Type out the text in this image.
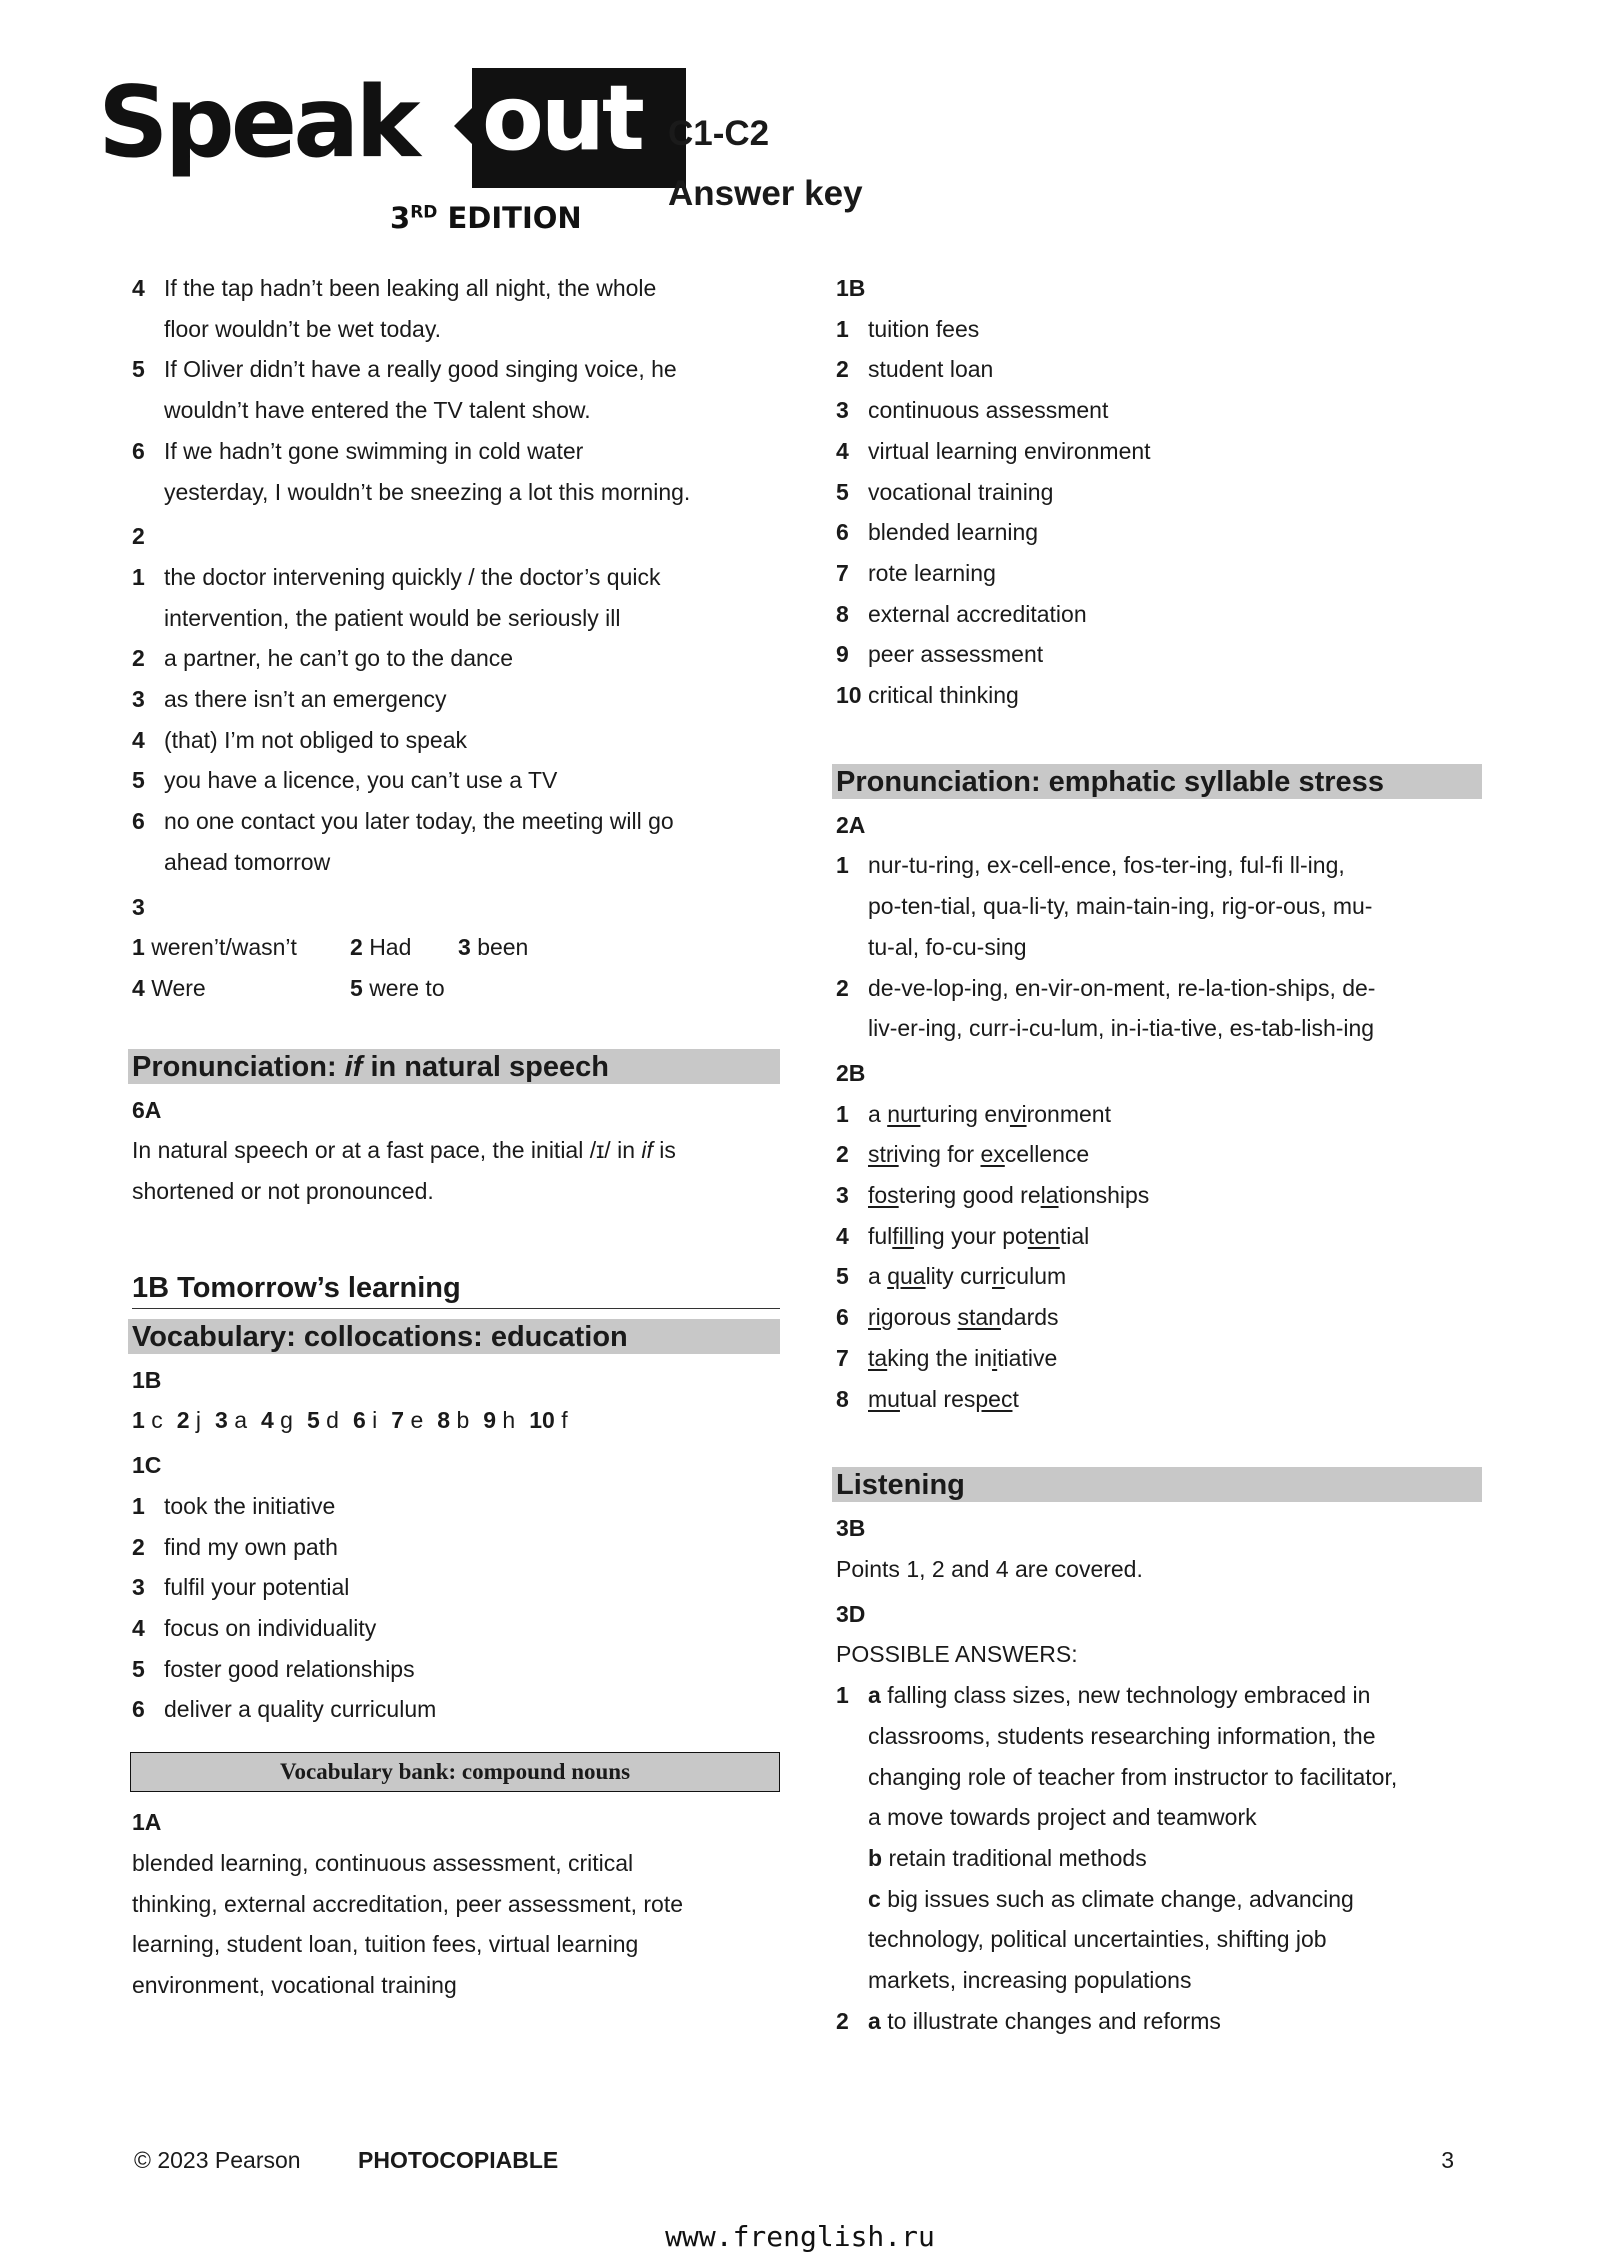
Speak out
3RD EDITION
C1-C2
Answer key
4 If the tap hadn’t been leaking all night, the whole floor wouldn’t be wet today.
5 If Oliver didn’t have a really good singing voice, he wouldn’t have entered the TV talent show.
6 If we hadn’t gone swimming in cold water yesterday, I wouldn’t be sneezing a lot this morning.
2
1 the doctor intervening quickly / the doctor’s quick intervention, the patient would be seriously ill
2 a partner, he can’t go to the dance
3 as there isn’t an emergency
4 (that) I’m not obliged to speak
5 you have a licence, you can’t use a TV
6 no one contact you later today, the meeting will go ahead tomorrow
3
1 weren’t/wasn’t	2 Had	3 been
4 Were	5 were to
Pronunciation: if in natural speech
6A
In natural speech or at a fast pace, the initial /ɪ/ in if is shortened or not pronounced.
1B Tomorrow’s learning
Vocabulary: collocations: education
1B
1 c 2 j 3 a 4 g 5 d 6 i 7 e 8 b 9 h 10 f
1C
1 took the initiative
2 find my own path
3 fulfil your potential
4 focus on individuality
5 foster good relationships
6 deliver a quality curriculum
Vocabulary bank: compound nouns
1A
blended learning, continuous assessment, critical thinking, external accreditation, peer assessment, rote learning, student loan, tuition fees, virtual learning environment, vocational training
1B
1 tuition fees
2 student loan
3 continuous assessment
4 virtual learning environment
5 vocational training
6 blended learning
7 rote learning
8 external accreditation
9 peer assessment
10 critical thinking
Pronunciation: emphatic syllable stress
2A
1 nur-tu-ring, ex-cell-ence, fos-ter-ing, ful-fi ll-ing, po-ten-tial, qua-li-ty, main-tain-ing, rig-or-ous, mu-tu-al, fo-cu-sing
2 de-ve-lop-ing, en-vir-on-ment, re-la-tion-ships, de-liv-er-ing, curr-i-cu-lum, in-i-tia-tive, es-tab-lish-ing
2B
1 a nurturing environment
2 striving for excellence
3 fostering good relationships
4 fulfilling your potential
5 a quality curriculum
6 rigorous standards
7 taking the initiative
8 mutual respect
Listening
3B
Points 1, 2 and 4 are covered.
3D
POSSIBLE ANSWERS:
1 a falling class sizes, new technology embraced in classrooms, students researching information, the changing role of teacher from instructor to facilitator, a move towards project and teamwork
b retain traditional methods
c big issues such as climate change, advancing technology, political uncertainties, shifting job markets, increasing populations
2 a to illustrate changes and reforms
© 2023 Pearson PHOTOCOPIABLE	3
www.frenglish.ru
